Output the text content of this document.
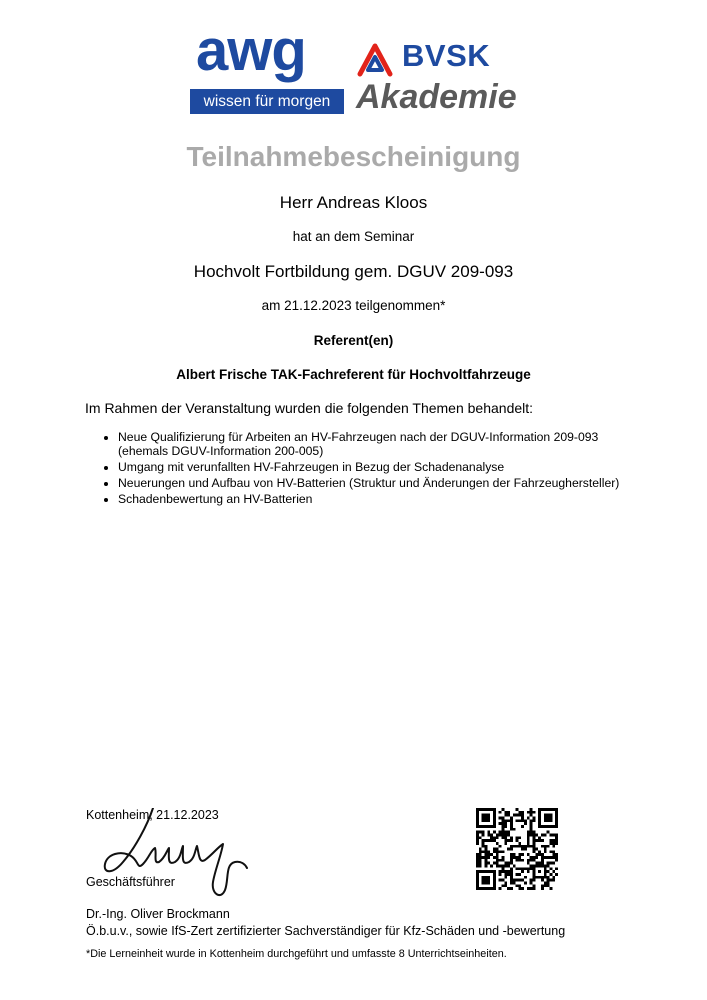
awg
wissen für morgen
BVSK
Akademie
Teilnahmebescheinigung
Herr Andreas Kloos
hat an dem Seminar
Hochvolt Fortbildung gem. DGUV 209-093
am 21.12.2023 teilgenommen*
Referent(en)
Albert Frische TAK-Fachreferent für Hochvoltfahrzeuge
Im Rahmen der Veranstaltung wurden die folgenden Themen behandelt:
• Neue Qualifizierung für Arbeiten an HV-Fahrzeugen nach der DGUV-Information 209-093 (ehemals DGUV-Information 200-005)
• Umgang mit verunfallten HV-Fahrzeugen in Bezug der Schadenanalyse
• Neuerungen und Aufbau von HV-Batterien (Struktur und Änderungen der Fahrzeughersteller)
• Schadenbewertung an HV-Batterien
Kottenheim, 21.12.2023
Geschäftsführer
Dr.-Ing. Oliver Brockmann
Ö.b.u.v., sowie IfS-Zert zertifizierter Sachverständiger für Kfz-Schäden und -bewertung
*Die Lerneinheit wurde in Kottenheim durchgeführt und umfasste 8 Unterrichtseinheiten.
